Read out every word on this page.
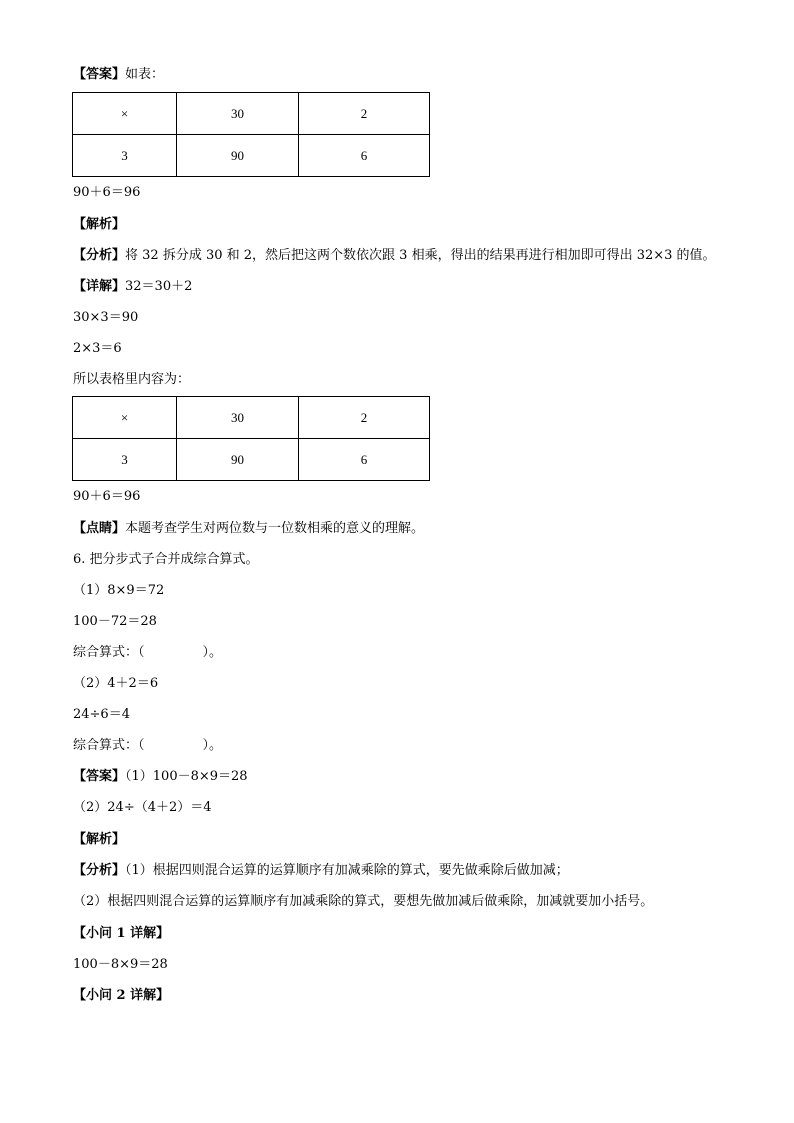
【答案】如表：
×	30	2
3	90	6
90＋6＝96
【解析】
【分析】将 32 拆分成 30 和 2，然后把这两个数依次跟 3 相乘，得出的结果再进行相加即可得出 32×3 的值。
【详解】32＝30＋2
30×3＝90
2×3＝6
所以表格里内容为：
×	30	2
3	90	6
90＋6＝96
【点睛】本题考查学生对两位数与一位数相乘的意义的理解。
6. 把分步式子合并成综合算式。
（1）8×9＝72
100－72＝28
综合算式：（	）。
（2）4＋2＝6
24÷6＝4
综合算式：（	）。
【答案】（1）100－8×9＝28
（2）24÷（4＋2）＝4
【解析】
【分析】（1）根据四则混合运算的运算顺序有加减乘除的算式，要先做乘除后做加减；
（2）根据四则混合运算的运算顺序有加减乘除的算式，要想先做加减后做乘除，加减就要加小括号。
【小问 1 详解】
100－8×9＝28
【小问 2 详解】
